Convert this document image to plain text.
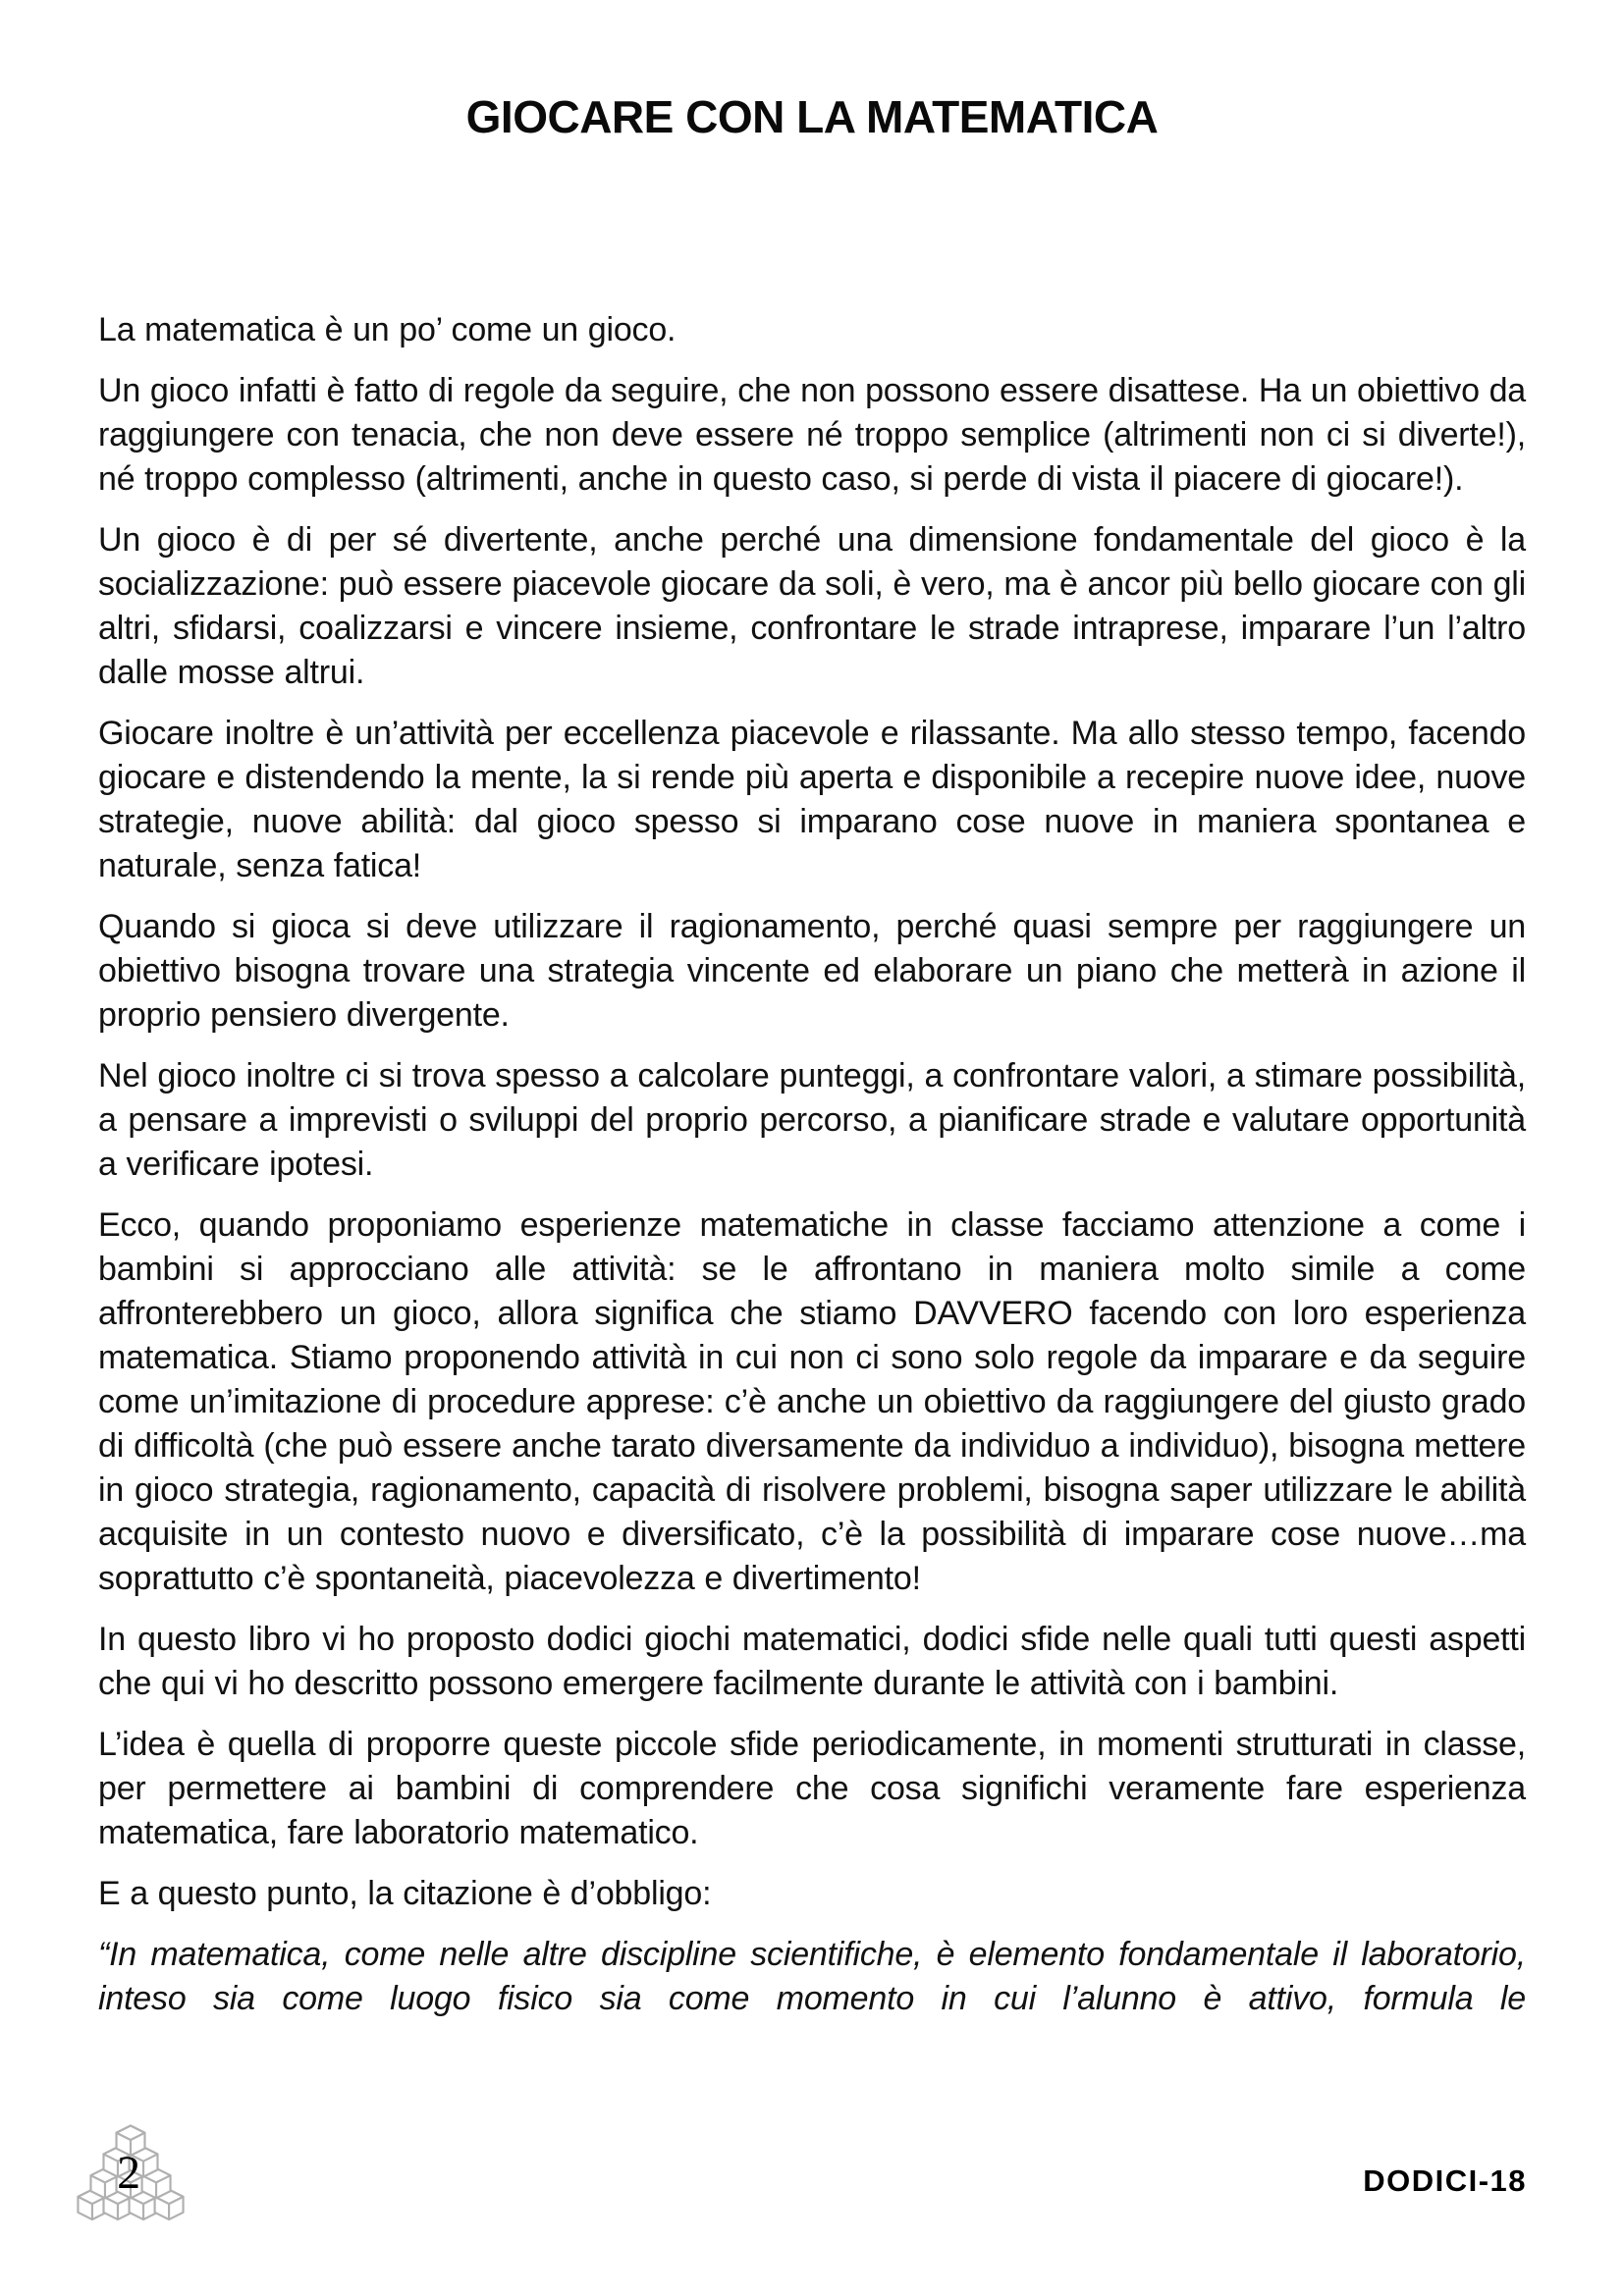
GIOCARE CON LA MATEMATICA

La matematica è un po’ come un gioco.

Un gioco infatti è fatto di regole da seguire, che non possono essere disattese. Ha un obiettivo da raggiungere con tenacia, che non deve essere né troppo semplice (altrimenti non ci si diverte!), né troppo complesso (altrimenti, anche in questo caso, si perde di vista il piacere di giocare!).

Un gioco è di per sé divertente, anche perché una dimensione fondamentale del gioco è la socializzazione: può essere piacevole giocare da soli, è vero, ma è ancor più bello giocare con gli altri, sfidarsi, coalizzarsi e vincere insieme, confrontare le strade intraprese, imparare l’un l’altro dalle mosse altrui.

Giocare inoltre è un’attività per eccellenza piacevole e rilassante. Ma allo stesso tempo, facendo giocare e distendendo la mente, la si rende più aperta e disponibile a recepire nuove idee, nuove strategie, nuove abilità: dal gioco spesso si imparano cose nuove in maniera spontanea e naturale, senza fatica!

Quando si gioca si deve utilizzare il ragionamento, perché quasi sempre per raggiungere un obiettivo bisogna trovare una strategia vincente ed elaborare un piano che metterà in azione il proprio pensiero divergente.

Nel gioco inoltre ci si trova spesso a calcolare punteggi, a confrontare valori, a stimare possibilità, a pensare a imprevisti o sviluppi del proprio percorso, a pianificare strade e valutare opportunità a verificare ipotesi.

Ecco, quando proponiamo esperienze matematiche in classe facciamo attenzione a come i bambini si approcciano alle attività: se le affrontano in maniera molto simile a come affronterebbero un gioco, allora significa che stiamo DAVVERO facendo con loro esperienza matematica. Stiamo proponendo attività in cui non ci sono solo regole da imparare e da seguire come un’imitazione di procedure apprese: c’è anche un obiettivo da raggiungere del giusto grado di difficoltà (che può essere anche tarato diversamente da individuo a individuo), bisogna mettere in gioco strategia, ragionamento, capacità di risolvere problemi, bisogna saper utilizzare le abilità acquisite in un contesto nuovo e diversificato, c’è la possibilità di imparare cose nuove…ma soprattutto c’è spontaneità, piacevolezza e divertimento!

In questo libro vi ho proposto dodici giochi matematici, dodici sfide nelle quali tutti questi aspetti che qui vi ho descritto possono emergere facilmente durante le attività con i bambini.

L’idea è quella di proporre queste piccole sfide periodicamente, in momenti strutturati in classe, per permettere ai bambini di comprendere che cosa significhi veramente fare esperienza matematica, fare laboratorio matematico.

E a questo punto, la citazione è d’obbligo:

“In matematica, come nelle altre discipline scientifiche, è elemento fondamentale il laboratorio, inteso sia come luogo fisico sia come momento in cui l’alunno è attivo, formula le

2	DODICI-18
